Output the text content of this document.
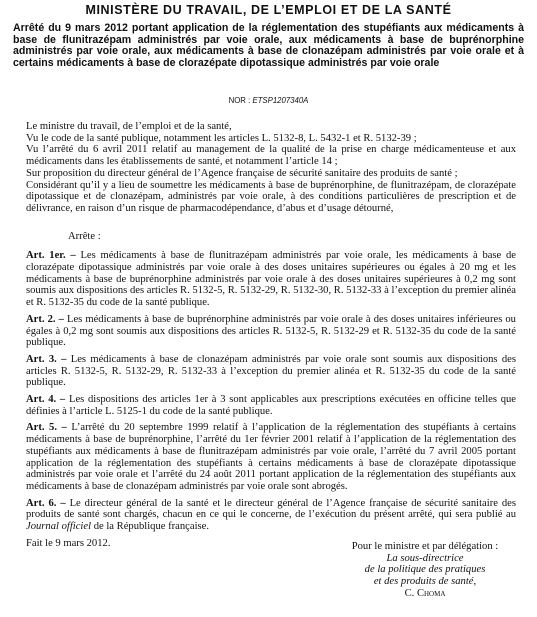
MINISTÈRE DU TRAVAIL, DE L’EMPLOI ET DE LA SANTÉ
Arrêté du 9 mars 2012 portant application de la réglementation des stupéfiants aux médicaments à base de flunitrazépam administrés par voie orale, aux médicaments à base de buprénorphine administrés par voie orale, aux médicaments à base de clonazépam administrés par voie orale et à certains médicaments à base de clorazépate dipotassique administrés par voie orale
NOR : ETSP1207340A

Le ministre du travail, de l’emploi et de la santé,

Vu le code de la santé publique, notamment les articles L. 5132-8, L. 5432-1 et R. 5132-39 ;

Vu l’arrêté du 6 avril 2011 relatif au management de la qualité de la prise en charge médicamenteuse et aux médicaments dans les établissements de santé, et notamment l’article 14 ;

Sur proposition du directeur général de l’Agence française de sécurité sanitaire des produits de santé ;

Considérant qu’il y a lieu de soumettre les médicaments à base de buprénorphine, de flunitrazépam, de clorazépate dipotassique et de clonazépam, administrés par voie orale, à des conditions particulières de prescription et de délivrance, en raison d’un risque de pharmacodépendance, d’abus et d’usage détourné,

Arrête :

Art. 1er. – Les médicaments à base de flunitrazépam administrés par voie orale, les médicaments à base de clorazépate dipotassique administrés par voie orale à des doses unitaires supérieures ou égales à 20 mg et les médicaments à base de buprénorphine administrés par voie orale à des doses unitaires supérieures à 0,2 mg sont soumis aux dispositions des articles R. 5132-5, R. 5132-29, R. 5132-30, R. 5132-33 à l’exception du premier alinéa et R. 5132-35 du code de la santé publique.

Art. 2. – Les médicaments à base de buprénorphine administrés par voie orale à des doses unitaires inférieures ou égales à 0,2 mg sont soumis aux dispositions des articles R. 5132-5, R. 5132-29 et R. 5132-35 du code de la santé publique.

Art. 3. – Les médicaments à base de clonazépam administrés par voie orale sont soumis aux dispositions des articles R. 5132-5, R. 5132-29, R. 5132-33 à l’exception du premier alinéa et R. 5132-35 du code de la santé publique.

Art. 4. – Les dispositions des articles 1er à 3 sont applicables aux prescriptions exécutées en officine telles que définies à l’article L. 5125-1 du code de la santé publique.

Art. 5. – L’arrêté du 20 septembre 1999 relatif à l’application de la réglementation des stupéfiants à certains médicaments à base de buprénorphine, l’arrêté du 1er février 2001 relatif à l’application de la réglementation des stupéfiants aux médicaments à base de flunitrazépam administrés par voie orale, l’arrêté du 7 avril 2005 portant application de la réglementation des stupéfiants à certains médicaments à base de clorazépate dipotassique administrés par voie orale et l’arrêté du 24 août 2011 portant application de la réglementation des stupéfiants aux médicaments à base de clonazépam administrés par voie orale sont abrogés.

Art. 6. – Le directeur général de la santé et le directeur général de l’Agence française de sécurité sanitaire des produits de santé sont chargés, chacun en ce qui le concerne, de l’exécution du présent arrêté, qui sera publié au Journal officiel de la République française.

Fait le 9 mars 2012.	Pour le ministre et par délégation :
La sous-directrice
de la politique des pratiques
et des produits de santé,
C. Choma
